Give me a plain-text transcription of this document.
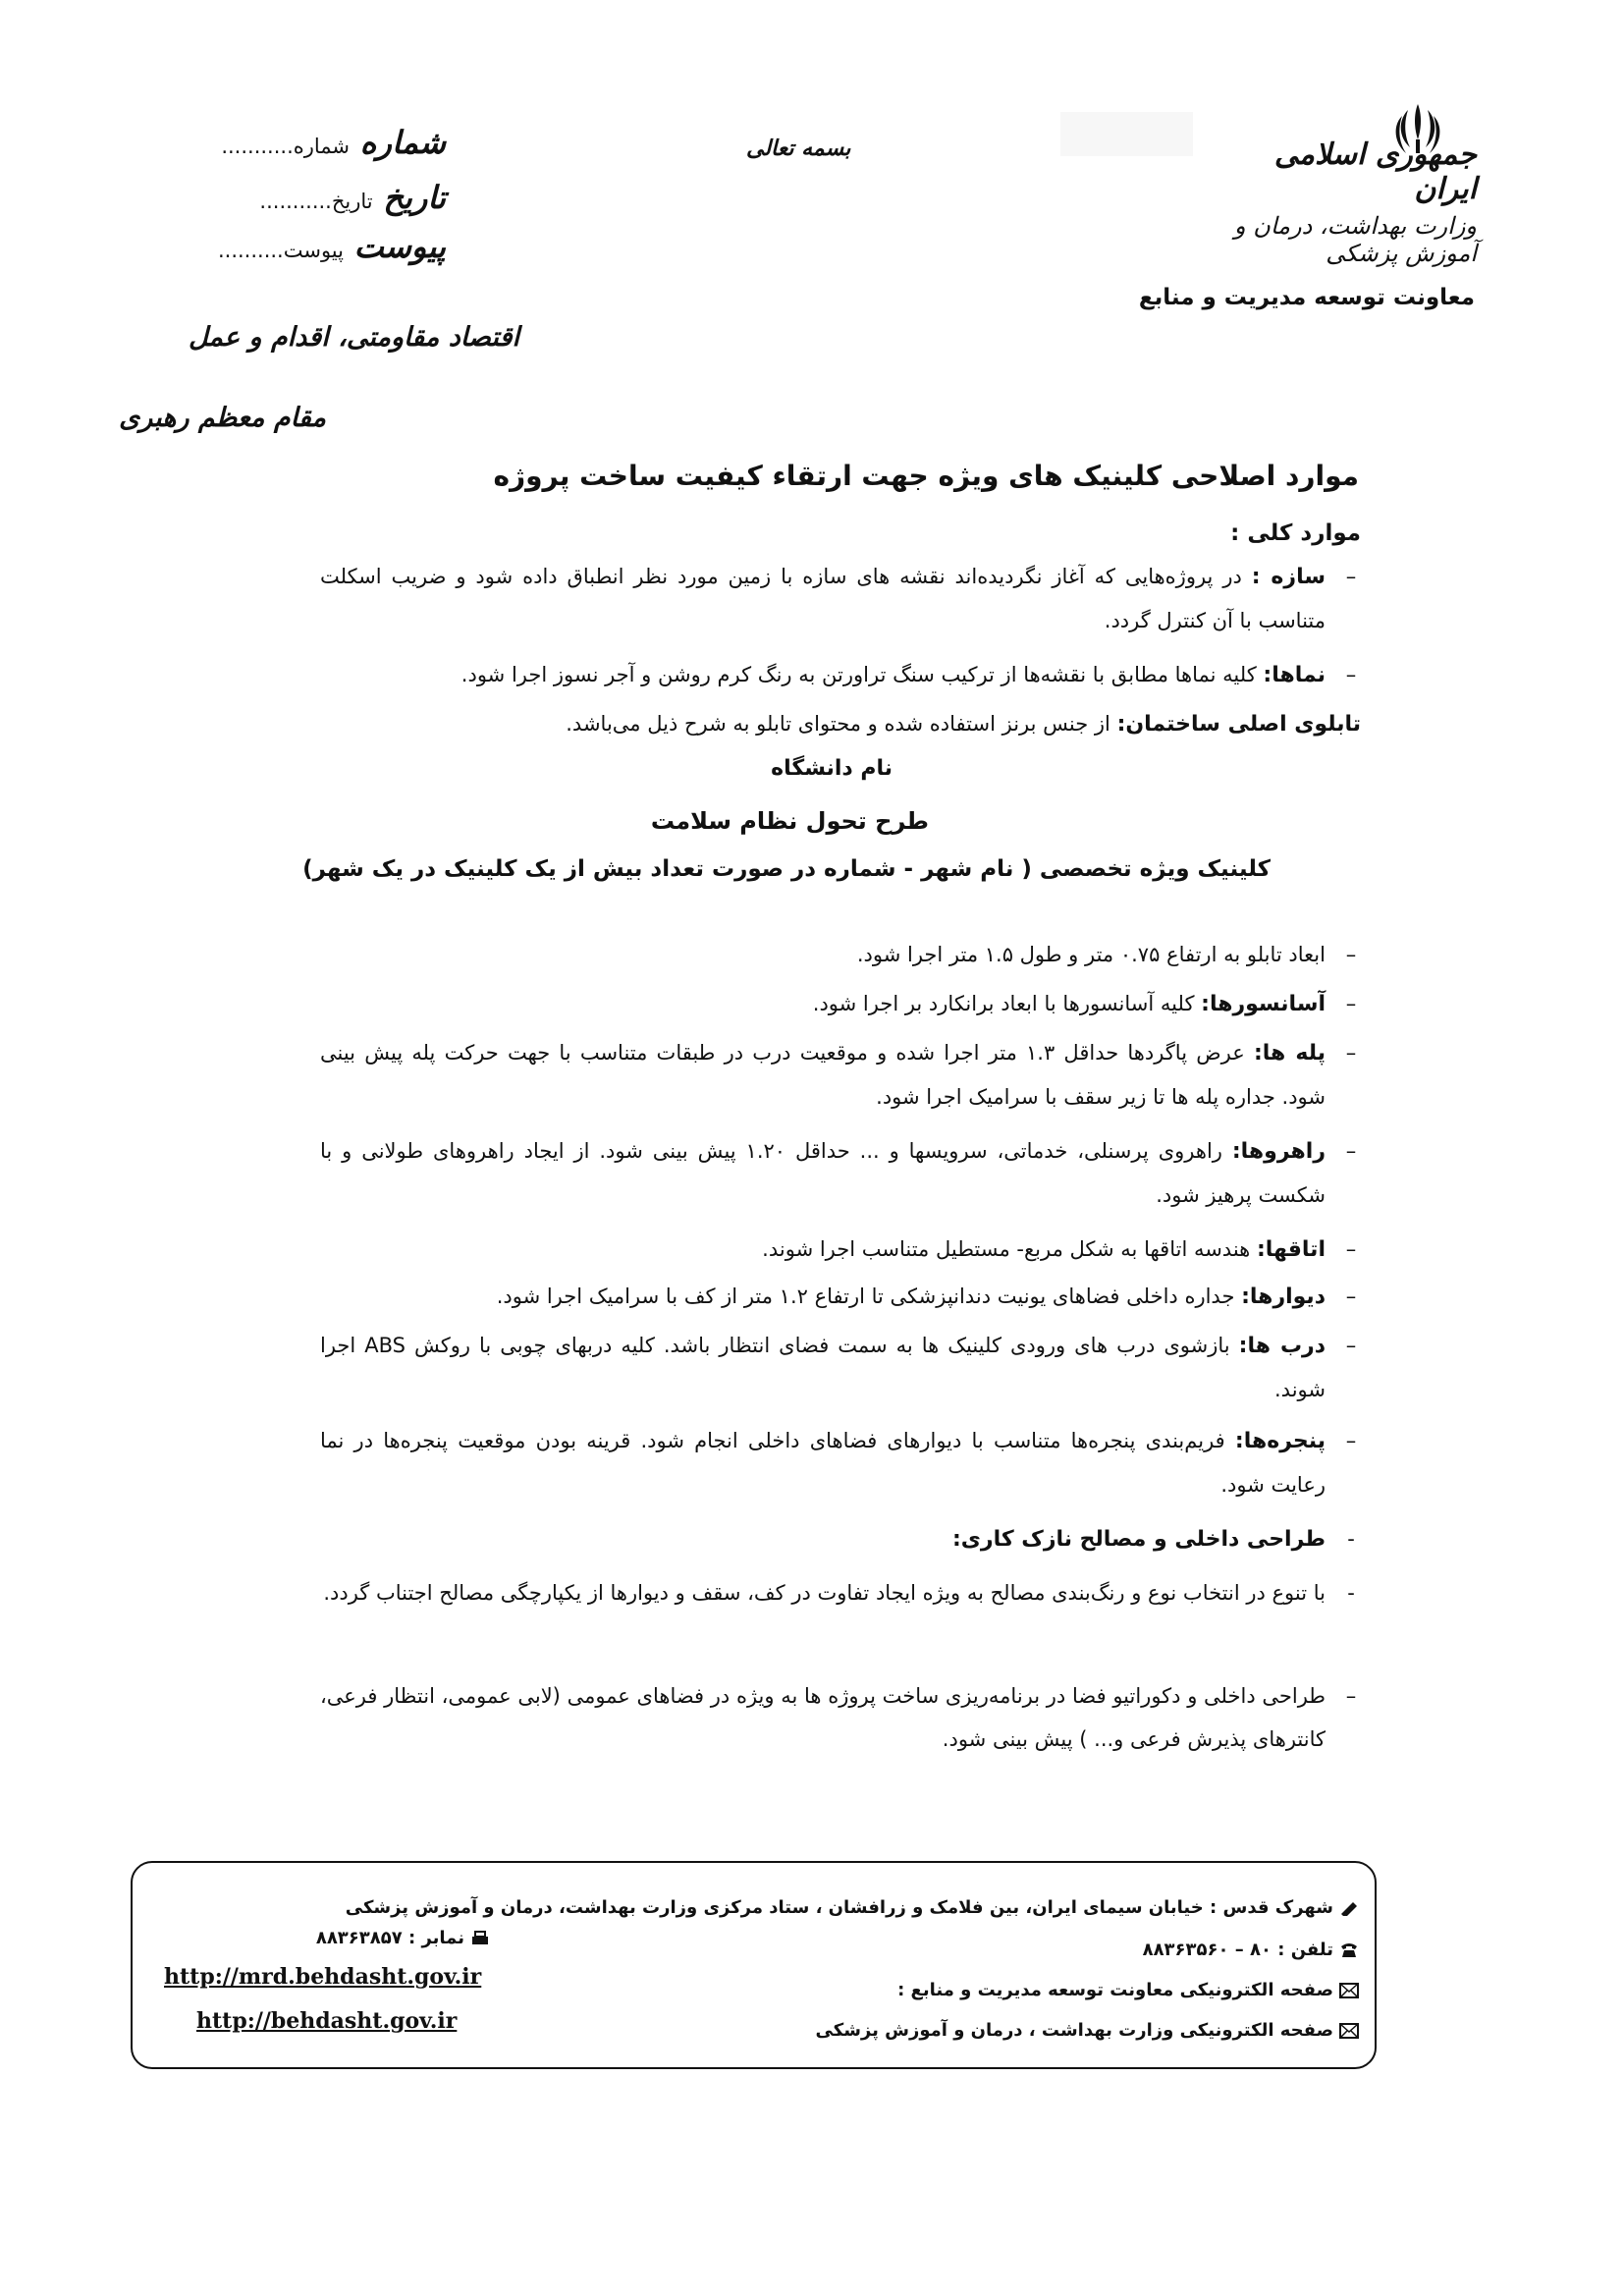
جمهوری اسلامی ایران
وزارت بهداشت، درمان و آموزش پزشکی
معاونت توسعه مدیریت و منابع
بسمه تعالی
شماره شماره...........
تاریخ تاریخ...........
پیوست پیوست..........
اقتصاد مقاومتی، اقدام و عمل
مقام معظم رهبری
موارد اصلاحی کلینیک های ویژه جهت ارتقاء کیفیت ساخت پروژه
موارد کلی :
–
سازه : در پروژه‌هایی که آغاز نگردیده‌اند نقشه های سازه با زمین مورد نظر انطباق داده شود و ضریب اسکلت متناسب با آن کنترل گردد.
–
نماها: کلیه نماها مطابق با نقشه‌ها از ترکیب سنگ تراورتن به رنگ کرم روشن و آجر نسوز اجرا شود.
تابلوی اصلی ساختمان: از جنس برنز استفاده شده و محتوای تابلو به شرح ذیل می‌باشد.
نام دانشگاه
طرح تحول نظام سلامت
کلینیک ویژه تخصصی ( نام شهر - شماره در صورت تعداد بیش از یک کلینیک در یک شهر)
–
ابعاد تابلو به ارتفاع ۰.۷۵ متر و طول ۱.۵ متر اجرا شود.
–
آسانسورها: کلیه آسانسورها با ابعاد برانکارد بر اجرا شود.
–
پله ها: عرض پاگردها حداقل ۱.۳ متر اجرا شده و موقعیت درب در طبقات متناسب با جهت حرکت پله پیش بینی شود. جداره پله ها تا زیر سقف با سرامیک اجرا شود.
–
راهروها: راهروی پرسنلی، خدماتی، سرویسها و ... حداقل ۱.۲۰ پیش بینی شود. از ایجاد راهروهای طولانی و با شکست پرهیز شود.
–
اتاقها: هندسه اتاقها به شکل مربع- مستطیل متناسب اجرا شوند.
–
دیوارها: جداره داخلی فضاهای یونیت دندانپزشکی تا ارتفاع ۱.۲ متر از کف با سرامیک اجرا شود.
–
درب ها: بازشوی درب های ورودی کلینیک ها به سمت فضای انتظار باشد. کلیه دربهای چوبی با روکش ABS اجرا شوند.
–
پنجره‌ها: فریم‌بندی پنجره‌ها متناسب با دیوارهای فضاهای داخلی انجام شود. قرینه بودن موقعیت پنجره‌ها در نما رعایت شود.
-
طراحی داخلی و مصالح نازک کاری:
-
با تنوع در انتخاب نوع و رنگ‌بندی مصالح به ویژه ایجاد تفاوت در کف، سقف و دیوارها از یکپارچگی مصالح اجتناب گردد.
–
طراحی داخلی و دکوراتیو فضا در برنامه‌ریزی ساخت پروژه ها به ویژه در فضاهای عمومی (لابی عمومی، انتظار فرعی، کانترهای پذیرش فرعی و... ) پیش بینی شود.
شهرک قدس : خیابان سیمای ایران، بین فلامک و زرافشان ، ستاد مرکزی وزارت بهداشت، درمان و آموزش پزشکی
تلفن : ۸۰ – ۸۸۳۶۳۵۶۰
نمابر : ۸۸۳۶۳۸۵۷
صفحه الکترونیکی معاونت توسعه مدیریت و منابع :
صفحه الکترونیکی وزارت بهداشت ، درمان و آموزش پزشکی
http://mrd.behdasht.gov.ir
http://behdasht.gov.ir
